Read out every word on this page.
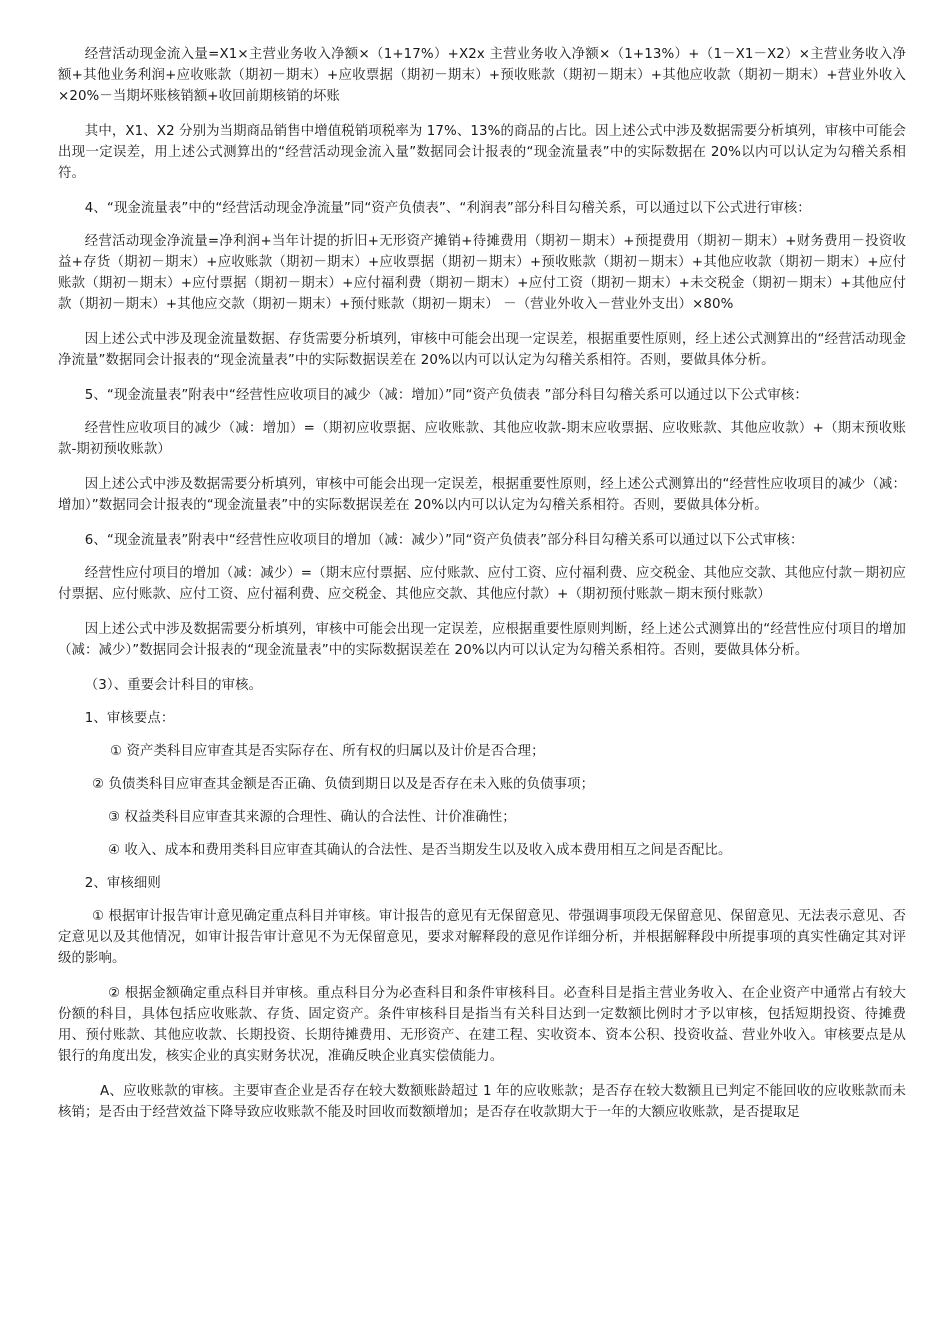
经营活动现金流入量=X1×主营业务收入净额×（1+17%）+X2x 主营业务收入净额×（1+13%）+（1－X1－X2）×主营业务收入净额+其他业务利润+应收账款（期初－期末）+应收票据（期初－期末）+预收账款（期初－期末）+其他应收款（期初－期末）+营业外收入×20%－当期坏账核销额+收回前期核销的坏账

其中，X1、X2 分别为当期商品销售中增值税销项税率为 17%、13%的商品的占比。因上述公式中涉及数据需要分析填列，审核中可能会出现一定误差，用上述公式测算出的“经营活动现金流入量”数据同会计报表的“现金流量表”中的实际数据在 20%以内可以认定为勾稽关系相符。

4、“现金流量表”中的“经营活动现金净流量”同“资产负债表”、“利润表”部分科目勾稽关系，可以通过以下公式进行审核：

经营活动现金净流量=净利润+当年计提的折旧+无形资产摊销+待摊费用（期初－期末）+预提费用（期初－期末）+财务费用－投资收益+存货（期初－期末）+应收账款（期初－期末）+应收票据（期初－期末）+预收账款（期初－期末）+其他应收款（期初－期末）+应付账款（期初－期末）+应付票据（期初－期末）+应付福利费（期初－期末）+应付工资（期初－期末）+未交税金（期初－期末）+其他应付款（期初－期末）+其他应交款（期初－期末）+预付账款（期初－期末） －（营业外收入－营业外支出）×80%

因上述公式中涉及现金流量数据、存货需要分析填列，审核中可能会出现一定误差，根据重要性原则，经上述公式测算出的“经营活动现金净流量”数据同会计报表的“现金流量表”中的实际数据误差在 20%以内可以认定为勾稽关系相符。否则，要做具体分析。

5、“现金流量表”附表中“经营性应收项目的减少（减：增加）”同“资产负债表 ”部分科目勾稽关系可以通过以下公式审核：

经营性应收项目的减少（减：增加）=（期初应收票据、应收账款、其他应收款-期末应收票据、应收账款、其他应收款）+（期末预收账款-期初预收账款）

因上述公式中涉及数据需要分析填列，审核中可能会出现一定误差，根据重要性原则，经上述公式测算出的“经营性应收项目的减少（减：增加）”数据同会计报表的“现金流量表”中的实际数据误差在 20%以内可以认定为勾稽关系相符。否则，要做具体分析。

6、“现金流量表”附表中“经营性应收项目的增加（减：减少）”同“资产负债表”部分科目勾稽关系可以通过以下公式审核：

经营性应付项目的增加（减：减少）=（期末应付票据、应付账款、应付工资、应付福利费、应交税金、其他应交款、其他应付款－期初应付票据、应付账款、应付工资、应付福利费、应交税金、其他应交款、其他应付款）+（期初预付账款－期末预付账款）

因上述公式中涉及数据需要分析填列，审核中可能会出现一定误差，应根据重要性原则判断，经上述公式测算出的“经营性应付项目的增加（减：减少）”数据同会计报表的“现金流量表”中的实际数据误差在 20%以内可以认定为勾稽关系相符。否则，要做具体分析。

（3）、重要会计科目的审核。

1、审核要点：

① 资产类科目应审查其是否实际存在、所有权的归属以及计价是否合理；

② 负债类科目应审查其金额是否正确、负债到期日以及是否存在未入账的负债事项；

③ 权益类科目应审查其来源的合理性、确认的合法性、计价准确性；

④ 收入、成本和费用类科目应审查其确认的合法性、是否当期发生以及收入成本费用相互之间是否配比。

2、审核细则

① 根据审计报告审计意见确定重点科目并审核。审计报告的意见有无保留意见、带强调事项段无保留意见、保留意见、无法表示意见、否定意见以及其他情况，如审计报告审计意见不为无保留意见，要求对解释段的意见作详细分析，并根据解释段中所提事项的真实性确定其对评级的影响。

② 根据金额确定重点科目并审核。重点科目分为必查科目和条件审核科目。必查科目是指主营业务收入、在企业资产中通常占有较大份额的科目，具体包括应收账款、存货、固定资产。条件审核科目是指当有关科目达到一定数额比例时才予以审核，包括短期投资、待摊费用、预付账款、其他应收款、长期投资、长期待摊费用、无形资产、在建工程、实收资本、资本公积、投资收益、营业外收入。审核要点是从银行的角度出发，核实企业的真实财务状况，准确反映企业真实偿债能力。

A、应收账款的审核。主要审查企业是否存在较大数额账龄超过 1 年的应收账款；是否存在较大数额且已判定不能回收的应收账款而未核销；是否由于经营效益下降导致应收账款不能及时回收而数额增加；是否存在收款期大于一年的大额应收账款，是否提取足
